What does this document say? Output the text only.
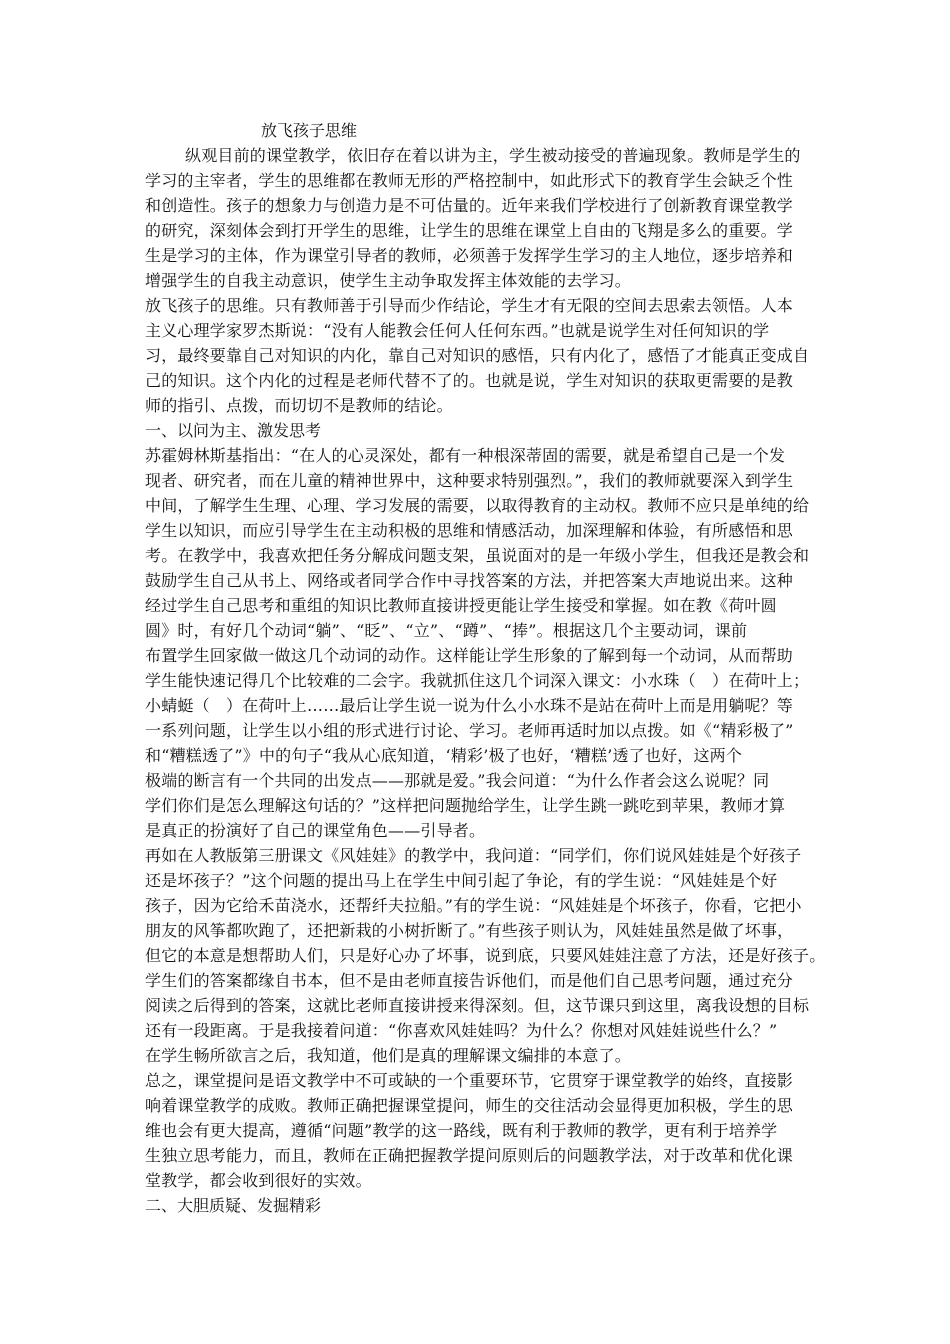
放飞孩子思维

纵观目前的课堂教学，依旧存在着以讲为主，学生被动接受的普遍现象。教师是学生的
学习的主宰者，学生的思维都在教师无形的严格控制中，如此形式下的教育学生会缺乏个性
和创造性。孩子的想象力与创造力是不可估量的。近年来我们学校进行了创新教育课堂教学
的研究，深刻体会到打开学生的思维，让学生的思维在课堂上自由的飞翔是多么的重要。学
生是学习的主体，作为课堂引导者的教师，必须善于发挥学生学习的主人地位，逐步培养和
增强学生的自我主动意识，使学生主动争取发挥主体效能的去学习。

放飞孩子的思维。只有教师善于引导而少作结论，学生才有无限的空间去思索去领悟。人本
主义心理学家罗杰斯说：“没有人能教会任何人任何东西。”也就是说学生对任何知识的学
习，最终要靠自己对知识的内化，靠自己对知识的感悟，只有内化了，感悟了才能真正变成自
己的知识。这个内化的过程是老师代替不了的。也就是说，学生对知识的获取更需要的是教
师的指引、点拨，而切切不是教师的结论。

一、以问为主、激发思考

苏霍姆林斯基指出：“在人的心灵深处，都有一种根深蒂固的需要，就是希望自己是一个发
现者、研究者，而在儿童的精神世界中，这种要求特别强烈。”，我们的教师就要深入到学生
中间，了解学生生理、心理、学习发展的需要，以取得教育的主动权。教师不应只是单纯的给
学生以知识，而应引导学生在主动积极的思维和情感活动，加深理解和体验，有所感悟和思
考。在教学中，我喜欢把任务分解成问题支架，虽说面对的是一年级小学生，但我还是教会和
鼓励学生自己从书上、网络或者同学合作中寻找答案的方法，并把答案大声地说出来。这种
经过学生自己思考和重组的知识比教师直接讲授更能让学生接受和掌握。如在教《荷叶圆
圆》时，有好几个动词“躺”、“眨”、“立”、“蹲”、“捧”。根据这几个主要动词，课前
布置学生回家做一做这几个动词的动作。这样能让学生形象的了解到每一个动词，从而帮助
学生能快速记得几个比较难的二会字。我就抓住这几个词深入课文：小水珠（　）在荷叶上；
小蜻蜓（　）在荷叶上……最后让学生说一说为什么小水珠不是站在荷叶上而是用躺呢？等
一系列问题，让学生以小组的形式进行讨论、学习。老师再适时加以点拨。如《“精彩极了”
和“糟糕透了”》中的句子“我从心底知道，‘精彩’极了也好，‘糟糕’透了也好，这两个
极端的断言有一个共同的出发点——那就是爱。”我会问道：“为什么作者会这么说呢？同
学们你们是怎么理解这句话的？”这样把问题抛给学生，让学生跳一跳吃到苹果，教师才算
是真正的扮演好了自己的课堂角色——引导者。

再如在人教版第三册课文《风娃娃》的教学中，我问道：“同学们，你们说风娃娃是个好孩子
还是坏孩子？”这个问题的提出马上在学生中间引起了争论，有的学生说：“风娃娃是个好
孩子，因为它给禾苗浇水，还帮纤夫拉船。”有的学生说：“风娃娃是个坏孩子，你看，它把小
朋友的风筝都吹跑了，还把新栽的小树折断了。”有些孩子则认为，风娃娃虽然是做了坏事，
但它的本意是想帮助人们，只是好心办了坏事，说到底，只要风娃娃注意了方法，还是好孩子。
学生们的答案都缘自书本，但不是由老师直接告诉他们，而是他们自己思考问题，通过充分
阅读之后得到的答案，这就比老师直接讲授来得深刻。但，这节课只到这里，离我设想的目标
还有一段距离。于是我接着问道：“你喜欢风娃娃吗？为什么？你想对风娃娃说些什么？”
在学生畅所欲言之后，我知道，他们是真的理解课文编排的本意了。

总之，课堂提问是语文教学中不可或缺的一个重要环节，它贯穿于课堂教学的始终，直接影
响着课堂教学的成败。教师正确把握课堂提问，师生的交往活动会显得更加积极，学生的思
维也会有更大提高，遵循“问题”教学的这一路线，既有利于教师的教学，更有利于培养学
生独立思考能力，而且，教师在正确把握教学提问原则后的问题教学法，对于改革和优化课
堂教学，都会收到很好的实效。

二、大胆质疑、发掘精彩
